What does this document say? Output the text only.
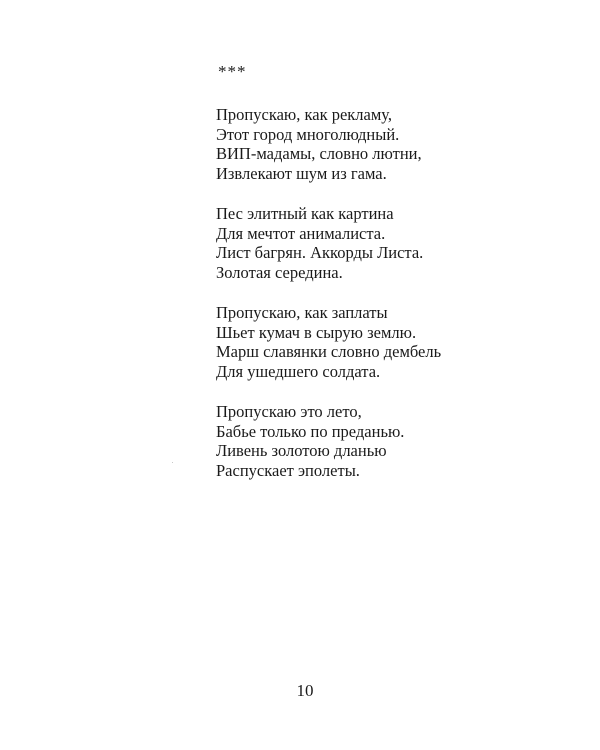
***
Пропускаю, как рекламу,
Этот город многолюдный.
ВИП-мадамы, словно лютни,
Извлекают шум из гама.
Пес элитный как картина
Для мечтот анималиста.
Лист багрян. Аккорды Листа.
Золотая середина.
Пропускаю, как заплаты
Шьет кумач в сырую землю.
Марш славянки словно дембель
Для ушедшего солдата.
Пропускаю это лето,
Бабье только по преданью.
Ливень золотою дланью
Распускает эполеты.
10
